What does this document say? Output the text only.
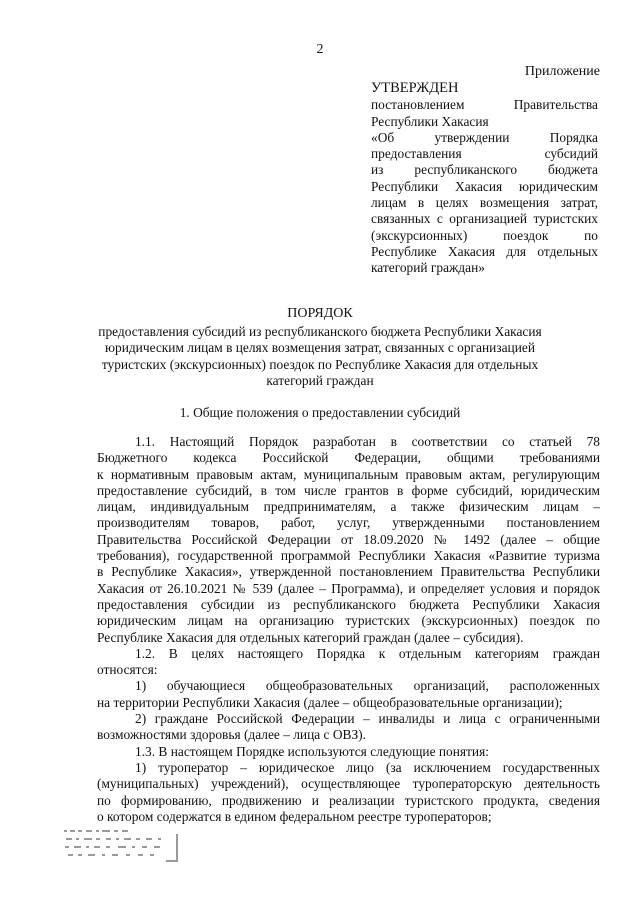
2
Приложение
УТВЕРЖДЕН
постановлением Правительства
Республики Хакасия
«Об утверждении Порядка
предоставления субсидий
из республиканского бюджета
Республики Хакасия юридическим
лицам в целях возмещения затрат,
связанных с организацией туристских
(экскурсионных) поездок по
Республике Хакасия для отдельных
категорий граждан»
ПОРЯДОК
предоставления субсидий из республиканского бюджета Республики Хакасия
юридическим лицам в целях возмещения затрат, связанных с организацией
туристских (экскурсионных) поездок по Республике Хакасия для отдельных
категорий граждан
1. Общие положения о предоставлении субсидий
1.1. Настоящий Порядок разработан в соответствии со статьей 78
Бюджетного кодекса Российской Федерации, общими требованиями
к нормативным правовым актам, муниципальным правовым актам, регулирующим
предоставление субсидий, в том числе грантов в форме субсидий, юридическим
лицам, индивидуальным предпринимателям, а также физическим лицам –
производителям товаров, работ, услуг, утвержденными постановлением
Правительства Российской Федерации от 18.09.2020 № 1492 (далее – общие
требования), государственной программой Республики Хакасия «Развитие туризма
в Республике Хакасия», утвержденной постановлением Правительства Республики
Хакасия от 26.10.2021 № 539 (далее – Программа), и определяет условия и порядок
предоставления субсидии из республиканского бюджета Республики Хакасия
юридическим лицам на организацию туристских (экскурсионных) поездок по
Республике Хакасия для отдельных категорий граждан (далее – субсидия).
1.2. В целях настоящего Порядка к отдельным категориям граждан
относятся:
1) обучающиеся общеобразовательных организаций, расположенных
на территории Республики Хакасия (далее – общеобразовательные организации);
2) граждане Российской Федерации – инвалиды и лица с ограниченными
возможностями здоровья (далее – лица с ОВЗ).
1.3. В настоящем Порядке используются следующие понятия:
1) туроператор – юридическое лицо (за исключением государственных
(муниципальных) учреждений), осуществляющее туроператорскую деятельность
по формированию, продвижению и реализации туристского продукта, сведения
о котором содержатся в едином федеральном реестре туроператоров;
